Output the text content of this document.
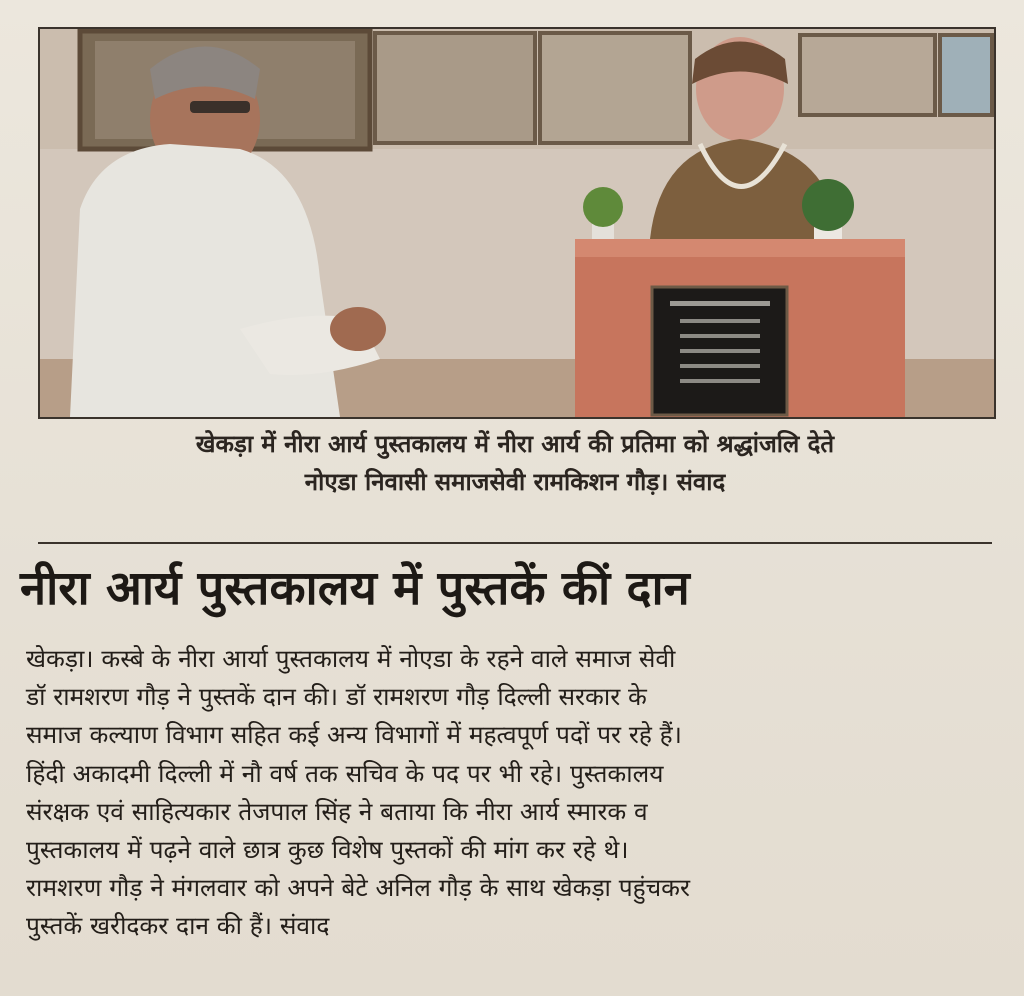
खेकड़ा में नीरा आर्य पुस्तकालय में नीरा आर्य की प्रतिमा को श्रद्धांजलि देते
नोएडा निवासी समाजसेवी रामकिशन गौड़। संवाद
नीरा आर्य पुस्तकालय में पुस्तकें कीं दान
खेकड़ा। कस्बे के नीरा आर्या पुस्तकालय में नोएडा के रहने वाले समाज सेवी
डॉ रामशरण गौड़ ने पुस्तकें दान की। डॉ रामशरण गौड़ दिल्ली सरकार के
समाज कल्याण विभाग सहित कई अन्य विभागों में महत्वपूर्ण पदों पर रहे हैं।
हिंदी अकादमी दिल्ली में नौ वर्ष तक सचिव के पद पर भी रहे। पुस्तकालय
संरक्षक एवं साहित्यकार तेजपाल सिंह ने बताया कि नीरा आर्य स्मारक व
पुस्तकालय में पढ़ने वाले छात्र कुछ विशेष पुस्तकों की मांग कर रहे थे।
रामशरण गौड़ ने मंगलवार को अपने बेटे अनिल गौड़ के साथ खेकड़ा पहुंचकर
पुस्तकें खरीदकर दान की हैं। संवाद
